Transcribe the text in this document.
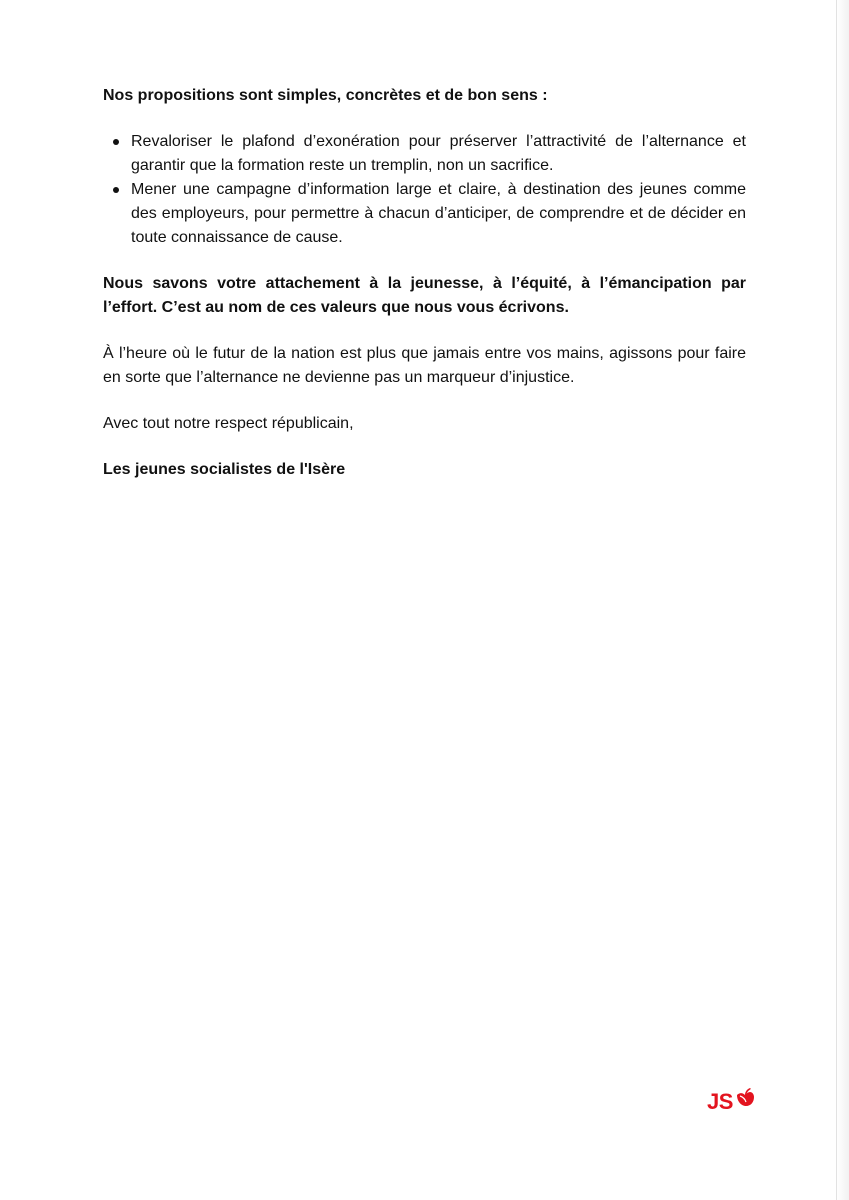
Nos propositions sont simples, concrètes et de bon sens :

Revaloriser le plafond d’exonération pour préserver l’attractivité de l’alternance et garantir que la formation reste un tremplin, non un sacrifice.
Mener une campagne d’information large et claire, à destination des jeunes comme des employeurs, pour permettre à chacun d’anticiper, de comprendre et de décider en toute connaissance de cause.

Nous savons votre attachement à la jeunesse, à l’équité, à l’émancipation par l’effort. C’est au nom de ces valeurs que nous vous écrivons.

À l’heure où le futur de la nation est plus que jamais entre vos mains, agissons pour faire en sorte que l’alternance ne devienne pas un marqueur d’injustice.

Avec tout notre respect républicain,

Les jeunes socialistes de l'Isère

JS
